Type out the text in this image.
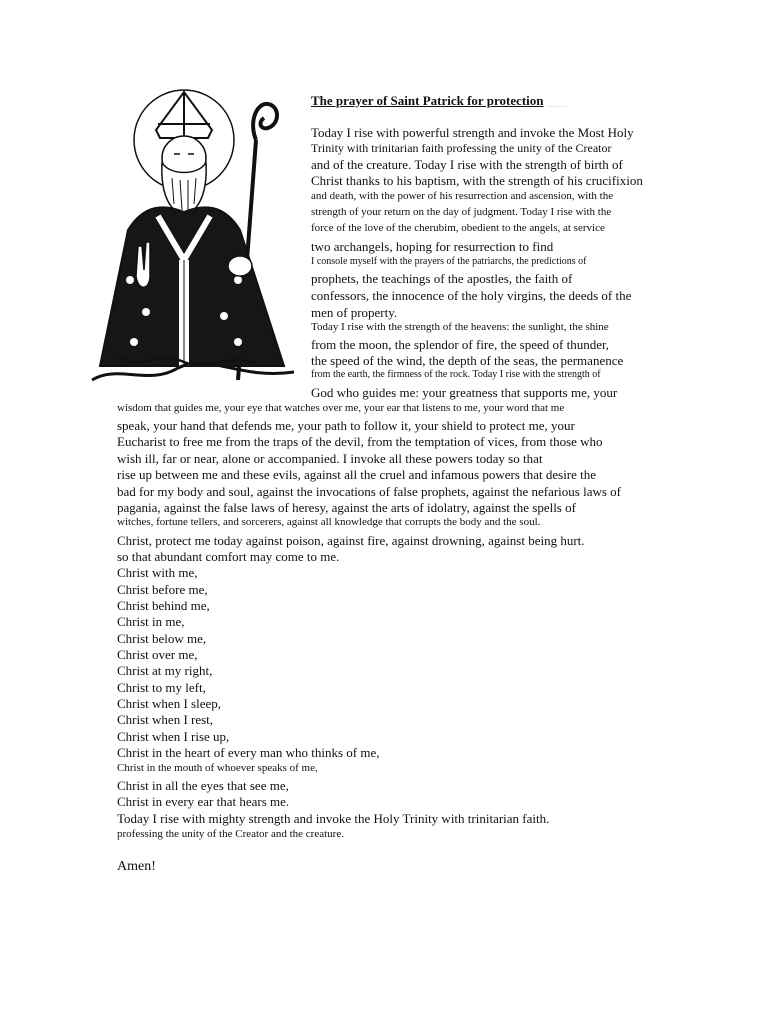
The prayer of Saint Patrick for protection ___
Today I rise with powerful strength and invoke the Most Holy
Trinity with trinitarian faith professing the unity of the Creator
and of the creature. Today I rise with the strength of birth of
Christ thanks to his baptism, with the strength of his crucifixion
and death, with the power of his resurrection and ascension, with the
strength of your return on the day of judgment. Today I rise with the
force of the love of the cherubim, obedient to the angels, at service
two archangels, hoping for resurrection to find
I console myself with the prayers of the patriarchs, the predictions of
prophets, the teachings of the apostles, the faith of
confessors, the innocence of the holy virgins, the deeds of the
men of property.
Today I rise with the strength of the heavens: the sunlight, the shine
from the moon, the splendor of fire, the speed of thunder,
the speed of the wind, the depth of the seas, the permanence
from the earth, the firmness of the rock. Today I rise with the strength of
God who guides me: your greatness that supports me, your
wisdom that guides me, your eye that watches over me, your ear that listens to me, your word that me
speak, your hand that defends me, your path to follow it, your shield to protect me, your
Eucharist to free me from the traps of the devil, from the temptation of vices, from those who
wish ill, far or near, alone or accompanied. I invoke all these powers today so that
rise up between me and these evils, against all the cruel and infamous powers that desire the
bad for my body and soul, against the invocations of false prophets, against the nefarious laws of
pagania, against the false laws of heresy, against the arts of idolatry, against the spells of
witches, fortune tellers, and sorcerers, against all knowledge that corrupts the body and the soul.
Christ, protect me today against poison, against fire, against drowning, against being hurt.
so that abundant comfort may come to me.
Christ with me,
Christ before me,
Christ behind me,
Christ in me,
Christ below me,
Christ over me,
Christ at my right,
Christ to my left,
Christ when I sleep,
Christ when I rest,
Christ when I rise up,
Christ in the heart of every man who thinks of me,
Christ in the mouth of whoever speaks of me,
Christ in all the eyes that see me,
Christ in every ear that hears me.
Today I rise with mighty strength and invoke the Holy Trinity with trinitarian faith.
professing the unity of the Creator and the creature.
Amen!
